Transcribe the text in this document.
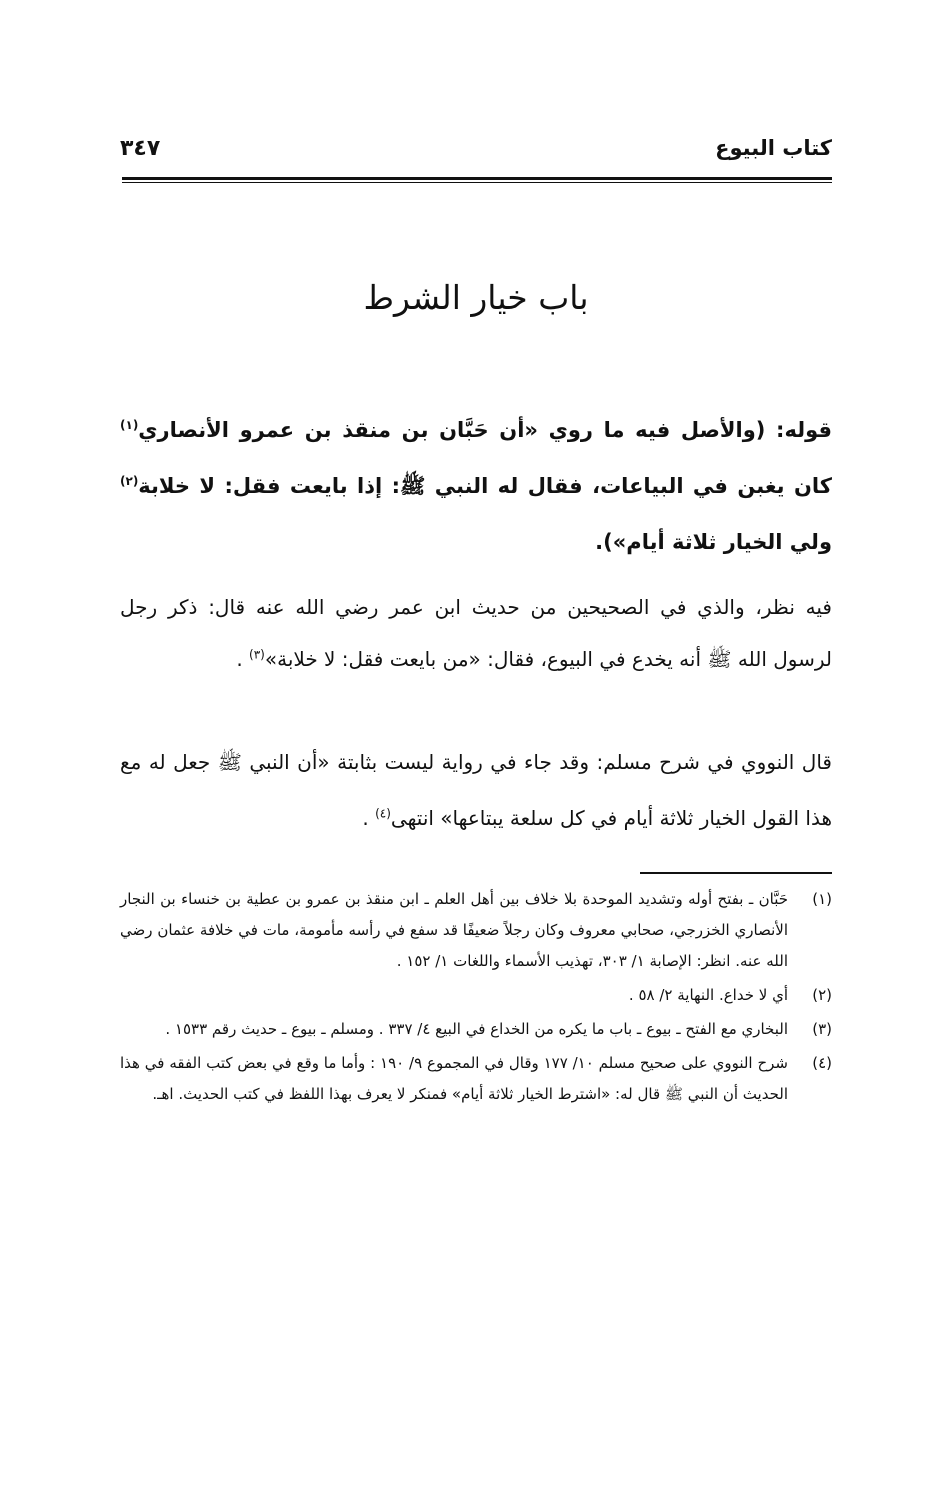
كتاب البيوع
٣٤٧
باب خيار الشرط
قوله: (والأصل فيه ما روي «أن حَبَّان بن منقذ بن عمرو الأنصاري$^{(١)}$ كان يغبن في البياعات، فقال له النبي ﷺ: إذا بايعت فقل: لا خلابة$^{(٢)}$ ولي الخيار ثلاثة أيام»).
فيه نظر، والذي في الصحيحين من حديث ابن عمر رضي الله عنه قال: ذكر رجل لرسول الله ﷺ أنه يخدع في البيوع، فقال: «من بايعت فقل: لا خلابة»$^{(٣)}$ .
قال النووي في شرح مسلم: وقد جاء في رواية ليست بثابتة «أن النبي ﷺ جعل له مع هذا القول الخيار ثلاثة أيام في كل سلعة يبتاعها» انتهى$^{(٤)}$ .
(١)
حَبَّان ـ بفتح أوله وتشديد الموحدة بلا خلاف بين أهل العلم ـ ابن منقذ بن عمرو بن عطية بن خنساء بن النجار الأنصاري الخزرجي، صحابي معروف وكان رجلاً ضعيفًا قد سفع في رأسه مأمومة، مات في خلافة عثمان رضي الله عنه. انظر: الإصابة ١/ ٣٠٣، تهذيب الأسماء واللغات ١/ ١٥٢ .
(٢)
أي لا خداع. النهاية ٢/ ٥٨ .
(٣)
البخاري مع الفتح ـ بيوع ـ باب ما يكره من الخداع في البيع ٤/ ٣٣٧ . ومسلم ـ بيوع ـ حديث رقم ١٥٣٣ .
(٤)
شرح النووي على صحيح مسلم ١٠/ ١٧٧ وقال في المجموع ٩/ ١٩٠ : وأما ما وقع في بعض كتب الفقه في هذا الحديث أن النبي ﷺ قال له: «اشترط الخيار ثلاثة أيام» فمنكر لا يعرف بهذا اللفظ في كتب الحديث. اهـ.
